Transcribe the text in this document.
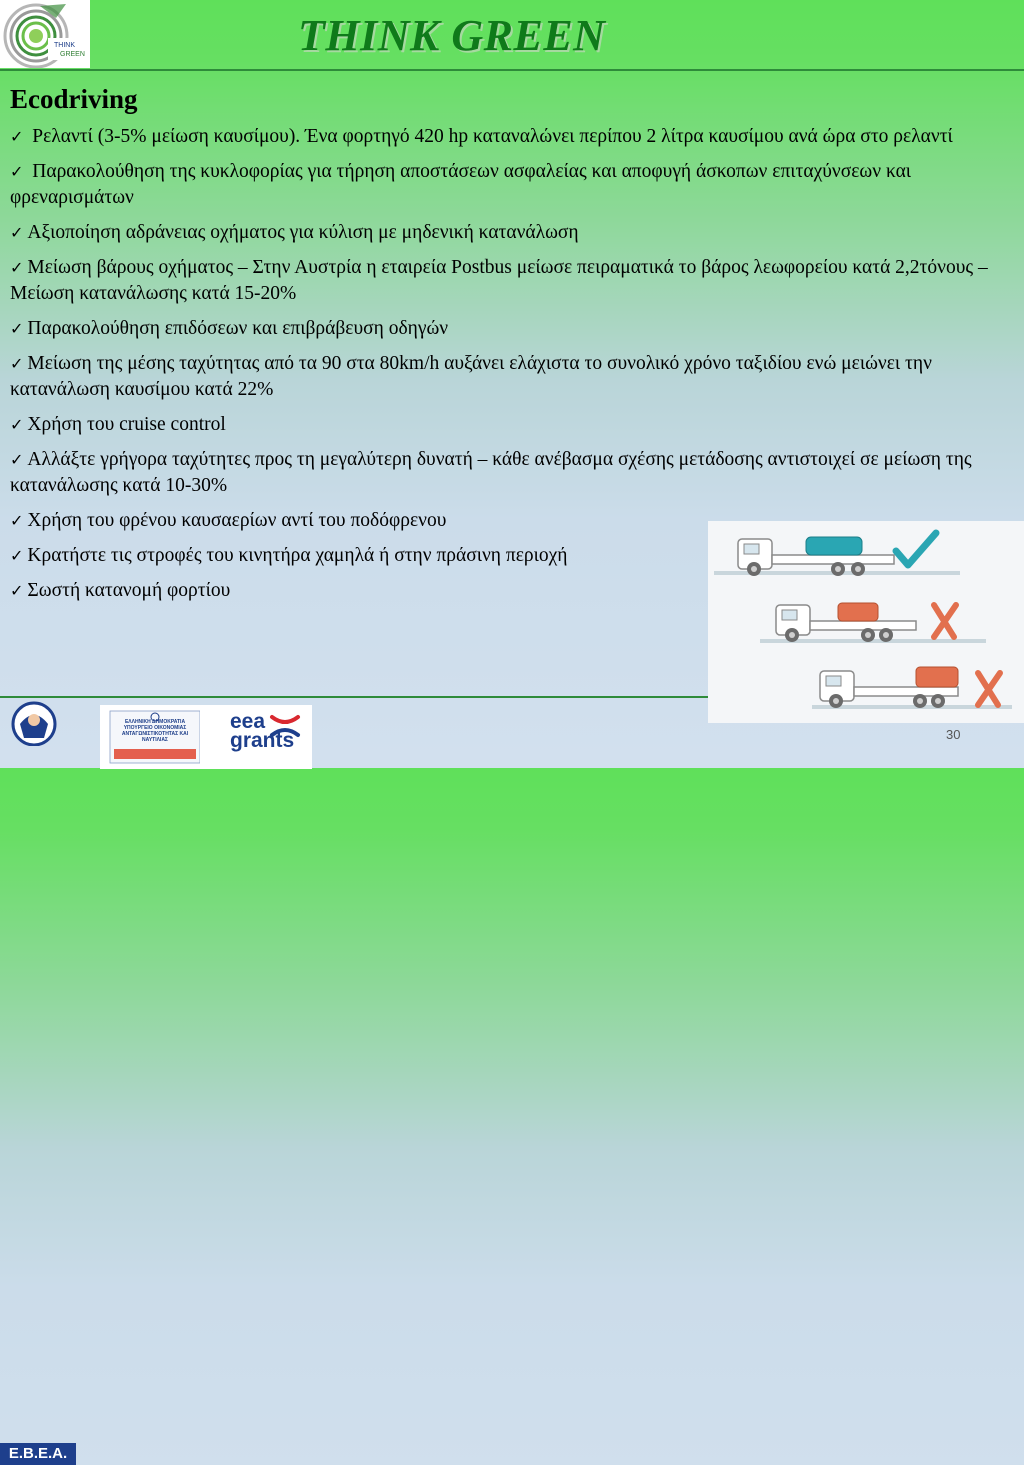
THINK
GREEN	THINK GREEN
Ecodriving
✓ Ρελαντί (3-5% μείωση καυσίμου). Ένα φορτηγό 420 hp καταναλώνει περίπου 2 λίτρα καυσίμου ανά ώρα στο ρελαντί
✓ Παρακολούθηση της κυκλοφορίας για τήρηση αποστάσεων ασφαλείας και αποφυγή άσκοπων επιταχύνσεων και φρεναρισμάτων
✓ Αξιοποίηση αδράνειας οχήματος για κύλιση με μηδενική κατανάλωση
✓ Μείωση βάρους οχήματος – Στην Αυστρία η εταιρεία Postbus μείωσε πειραματικά το βάρος λεωφορείου κατά 2,2τόνους – Μείωση κατανάλωσης κατά 15-20%
✓ Παρακολούθηση επιδόσεων και επιβράβευση οδηγών
✓ Μείωση της μέσης ταχύτητας από τα 90 στα 80km/h αυξάνει ελάχιστα το συνολικό χρόνο ταξιδίου ενώ μειώνει την κατανάλωση καυσίμου κατά 22%
✓ Χρήση του cruise control
✓ Αλλάξτε γρήγορα ταχύτητες προς τη μεγαλύτερη δυνατή – κάθε ανέβασμα σχέσης μετάδοσης αντιστοιχεί σε μείωση της κατανάλωσης κατά 10-30%
✓ Χρήση του φρένου καυσαερίων αντί του ποδόφρενου
✓ Κρατήστε τις στροφές του κινητήρα χαμηλά ή στην πράσινη περιοχή
✓ Σωστή κατανομή φορτίου
E.B.E.A.
ΕΛΛΗΝΙΚΗ ΔΗΜΟΚΡΑΤΙΑ ΥΠΟΥΡΓΕΙΟ ΟΙΚΟΝΟΜΙΑΣ ΑΝΤΑΓΩΝΙΣΤΙΚΟΤΗΤΑΣ ΚΑΙ ΝΑΥΤΙΛΙΑΣ
eea
grants	30
